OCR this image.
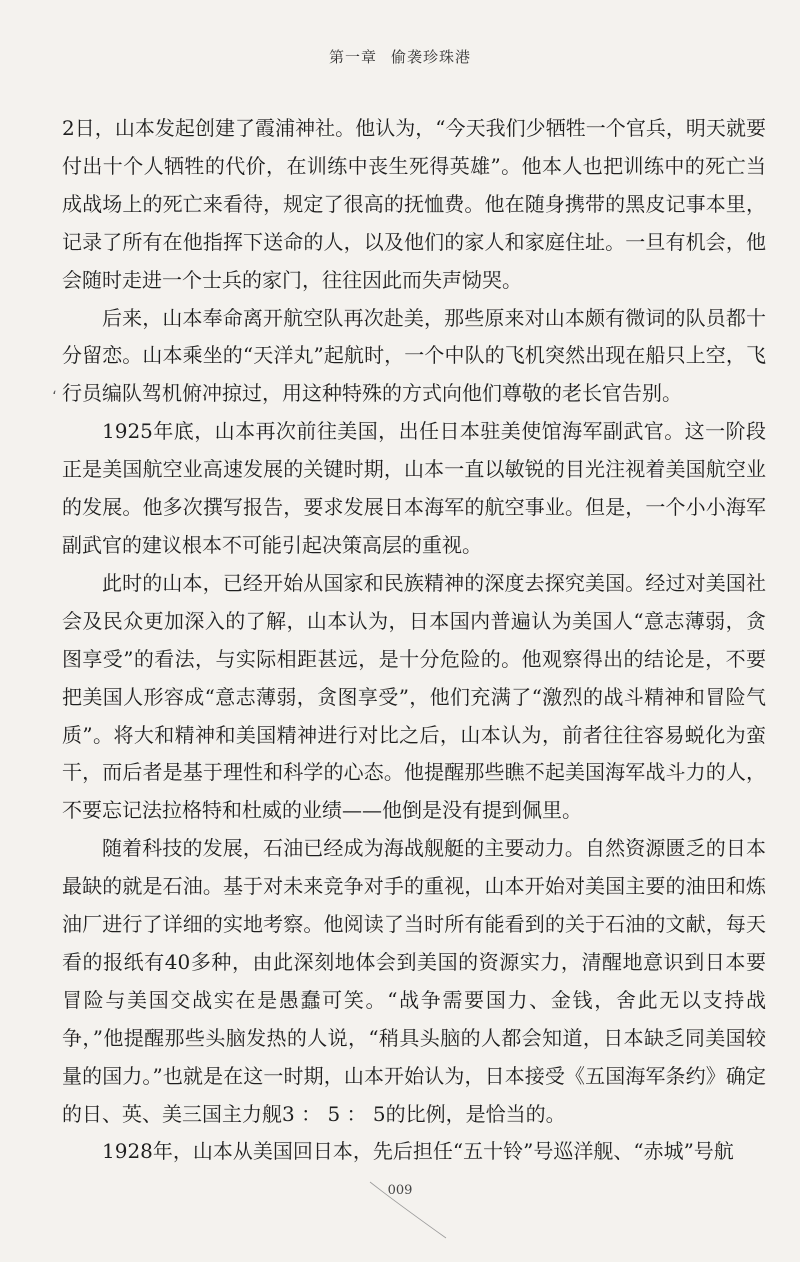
第一章 偷袭珍珠港
،

2日，山本发起创建了霞浦神社。他认为，“今天我们少牺牲一个官兵，明天就要付出十个人牺牲的代价，在训练中丧生死得英雄”。他本人也把训练中的死亡当成战场上的死亡来看待，规定了很高的抚恤费。他在随身携带的黑皮记事本里，记录了所有在他指挥下送命的人，以及他们的家人和家庭住址。一旦有机会，他会随时走进一个士兵的家门，往往因此而失声恸哭。

后来，山本奉命离开航空队再次赴美，那些原来对山本颇有微词的队员都十分留恋。山本乘坐的“天洋丸”起航时，一个中队的飞机突然出现在船只上空，飞行员编队驾机俯冲掠过，用这种特殊的方式向他们尊敬的老长官告别。

1925年底，山本再次前往美国，出任日本驻美使馆海军副武官。这一阶段正是美国航空业高速发展的关键时期，山本一直以敏锐的目光注视着美国航空业的发展。他多次撰写报告，要求发展日本海军的航空事业。但是，一个小小海军副武官的建议根本不可能引起决策高层的重视。

此时的山本，已经开始从国家和民族精神的深度去探究美国。经过对美国社会及民众更加深入的了解，山本认为，日本国内普遍认为美国人“意志薄弱，贪图享受”的看法，与实际相距甚远，是十分危险的。他观察得出的结论是，不要把美国人形容成“意志薄弱，贪图享受”，他们充满了“激烈的战斗精神和冒险气质”。将大和精神和美国精神进行对比之后，山本认为，前者往往容易蜕化为蛮干，而后者是基于理性和科学的心态。他提醒那些瞧不起美国海军战斗力的人，不要忘记法拉格特和杜威的业绩——他倒是没有提到佩里。

随着科技的发展，石油已经成为海战舰艇的主要动力。自然资源匮乏的日本最缺的就是石油。基于对未来竞争对手的重视，山本开始对美国主要的油田和炼油厂进行了详细的实地考察。他阅读了当时所有能看到的关于石油的文献，每天看的报纸有40多种，由此深刻地体会到美国的资源实力，清醒地意识到日本要冒险与美国交战实在是愚蠢可笑。“战争需要国力、金钱，舍此无以支持战争，”他提醒那些头脑发热的人说，“稍具头脑的人都会知道，日本缺乏同美国较量的国力。”也就是在这一时期，山本开始认为，日本接受《五国海军条约》确定的日、英、美三国主力舰3 ： 5 ： 5的比例，是恰当的。

1928年，山本从美国回日本，先后担任“五十铃”号巡洋舰、“赤城”号航

009
